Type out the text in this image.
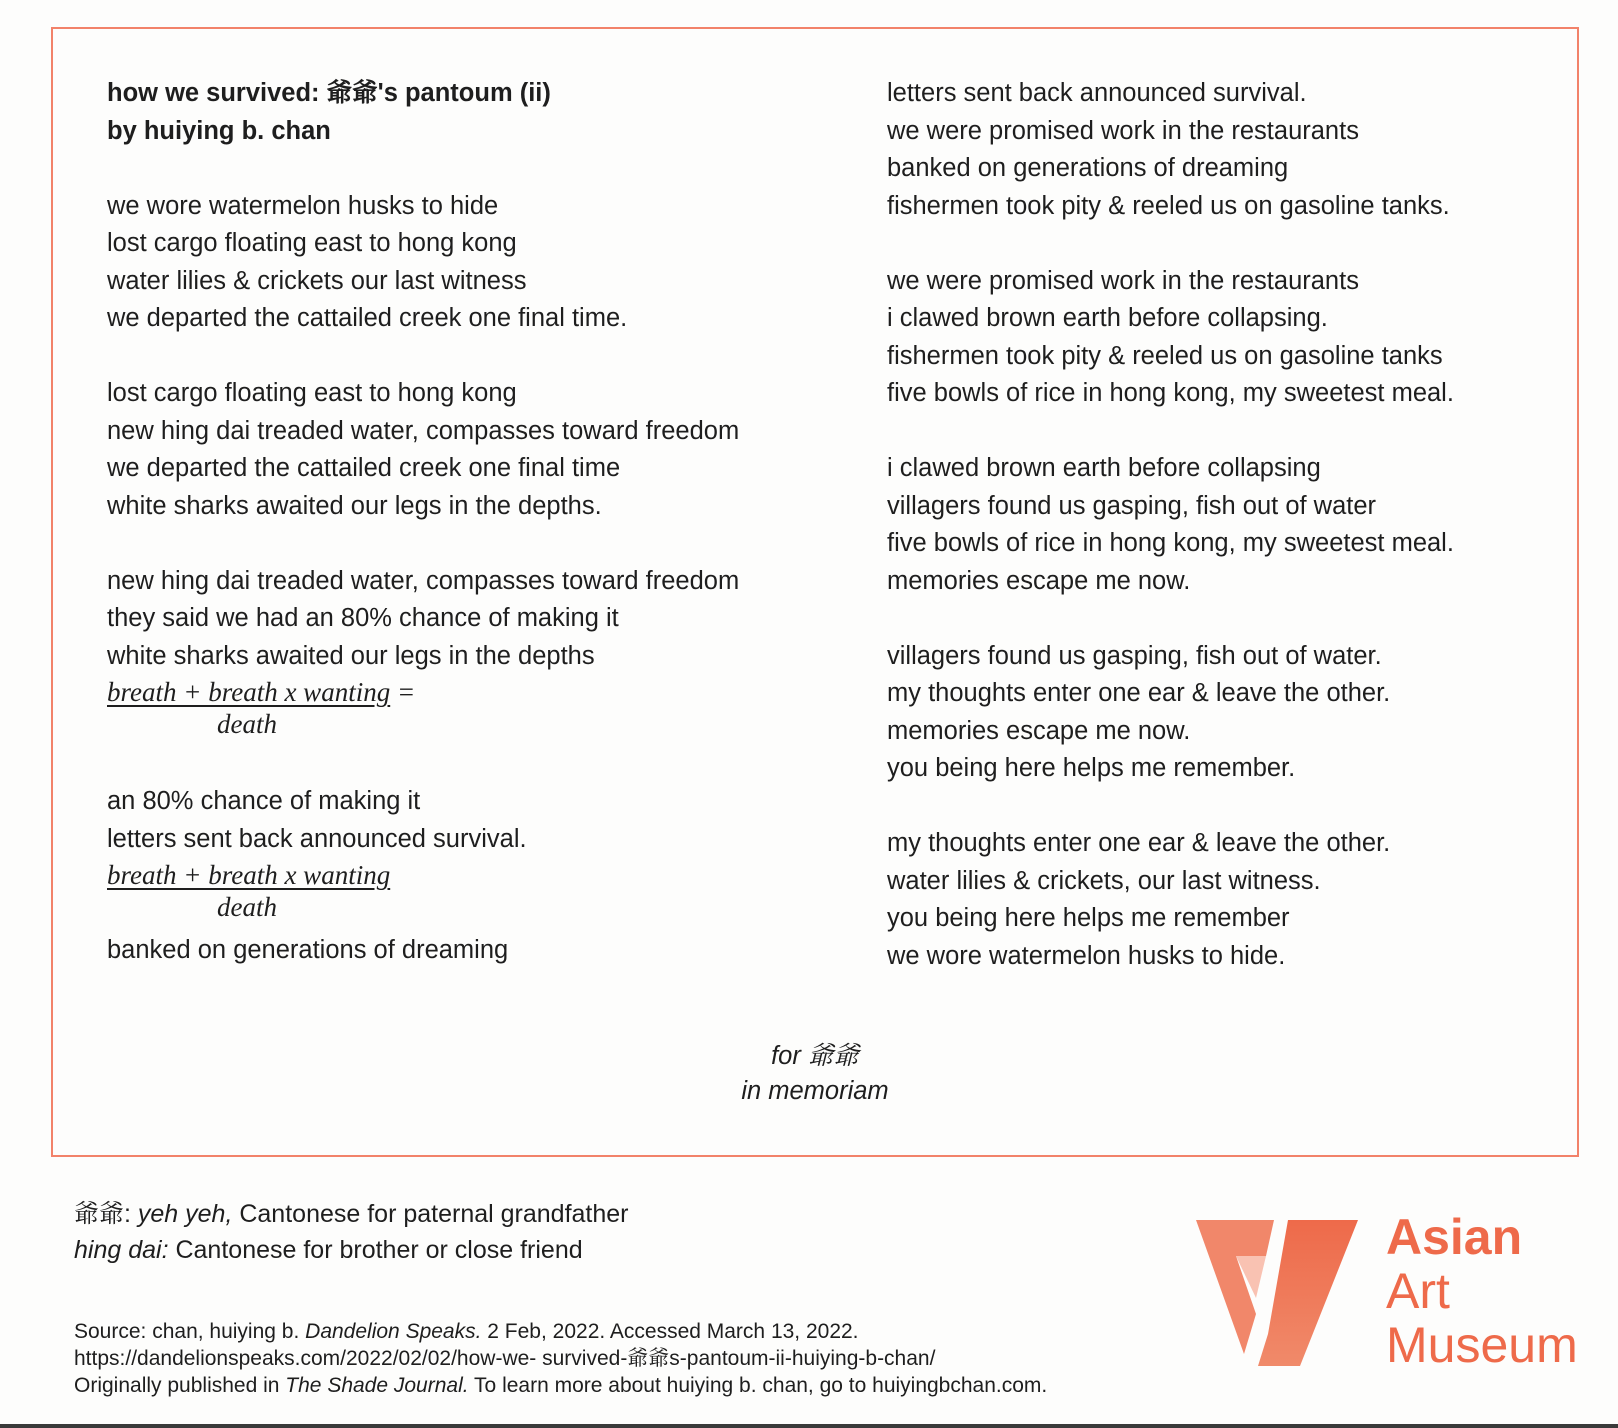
how we survived: 爺爺's pantoum (ii)
by huiying b. chan
we wore watermelon husks to hide
lost cargo floating east to hong kong
water lilies & crickets our last witness
we departed the cattailed creek one final time.
lost cargo floating east to hong kong
new hing dai treaded water, compasses toward freedom
we departed the cattailed creek one final time
white sharks awaited our legs in the depths.
new hing dai treaded water, compasses toward freedom
they said we had an 80% chance of making it
white sharks awaited our legs in the depths
breath + breath x wanting =
death
an 80% chance of making it
letters sent back announced survival.
breath + breath x wanting
death
banked on generations of dreaming
letters sent back announced survival.
we were promised work in the restaurants
banked on generations of dreaming
fishermen took pity & reeled us on gasoline tanks.
we were promised work in the restaurants
i clawed brown earth before collapsing.
fishermen took pity & reeled us on gasoline tanks
five bowls of rice in hong kong, my sweetest meal.
i clawed brown earth before collapsing
villagers found us gasping, fish out of water
five bowls of rice in hong kong, my sweetest meal.
memories escape me now.
villagers found us gasping, fish out of water.
my thoughts enter one ear & leave the other.
memories escape me now.
you being here helps me remember.
my thoughts enter one ear & leave the other.
water lilies & crickets, our last witness.
you being here helps me remember
we wore watermelon husks to hide.
for 爺爺
in memoriam
爺爺: yeh yeh, Cantonese for paternal grandfather
hing dai: Cantonese for brother or close friend
Source: chan, huiying b. Dandelion Speaks. 2 Feb, 2022. Accessed March 13, 2022.
https://dandelionspeaks.com/2022/02/02/how-we- survived-爺爺s-pantoum-ii-huiying-b-chan/
Originally published in The Shade Journal. To learn more about huiying b. chan, go to huiyingbchan.com.
Asian
Art
Museum
